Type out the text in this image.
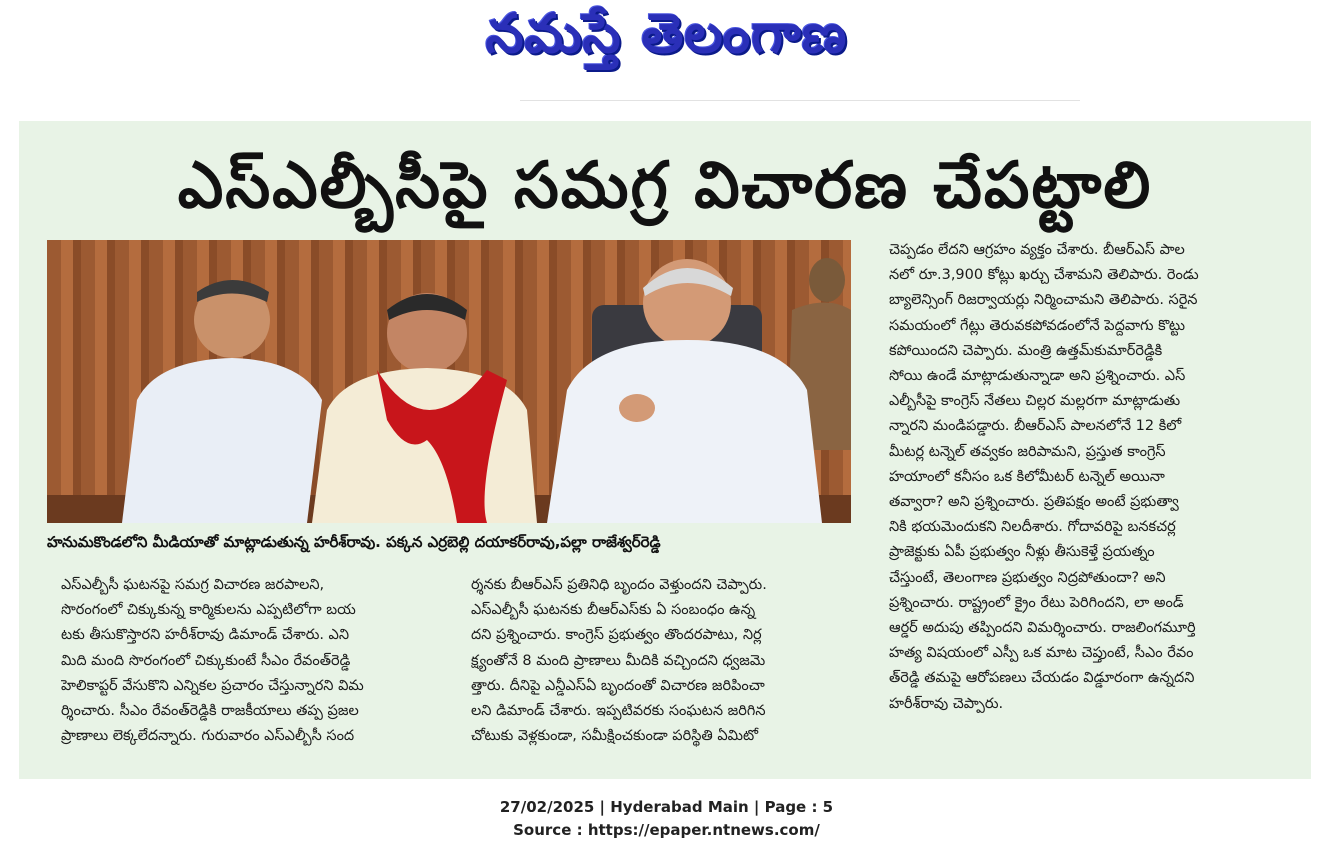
నమస్తే తెలంగాణ
ఎస్ఎల్బీసీపై సమగ్ర విచారణ చేపట్టాలి
హనుమకొండలోని మీడియాతో మాట్లాడుతున్న హరీశ్‌రావు. పక్కన ఎర్రబెల్లి దయాకర్‌రావు,పల్లా రాజేశ్వర్‌రెడ్డి

ఎస్ఎల్బీసీ ఘటనపై సమగ్ర విచారణ జరపాలని,

సొరంగంలో చిక్కుకున్న కార్మికులను ఎప్పటిలోగా బయ

టకు తీసుకొస్తారని హరీశ్‌రావు డిమాండ్ చేశారు. ఎని

మిది మంది సొరంగంలో చిక్కుకుంటే సీఎం రేవంత్‌రెడ్డి

హెలికాప్టర్ వేసుకొని ఎన్నికల ప్రచారం చేస్తున్నారని విమ

ర్శించారు. సీఎం రేవంత్‌రెడ్డికి రాజకీయాలు తప్ప ప్రజల

ప్రాణాలు లెక్కలేదన్నారు. గురువారం ఎస్ఎల్బీసీ సంద

ర్శనకు బీఆర్ఎస్ ప్రతినిధి బృందం వెళ్తుందని చెప్పారు.

ఎస్ఎల్బీసీ ఘటనకు బీఆర్ఎస్‌కు ఏ సంబంధం ఉన్న

దని ప్రశ్నించారు. కాంగ్రెస్ ప్రభుత్వం తొందరపాటు, నిర్ల

క్ష్యంతోనే 8 మంది ప్రాణాలు మీదికి వచ్చిందని ధ్వజమె

త్తారు. దీనిపై ఎన్డీఎస్ఏ బృందంతో విచారణ జరిపించా

లని డిమాండ్ చేశారు. ఇప్పటివరకు సంఘటన జరిగిన

చోటుకు వెళ్లకుండా, సమీక్షించకుండా పరిస్థితి ఏమిటో

చెప్పడం లేదని ఆగ్రహం వ్యక్తం చేశారు. బీఆర్ఎస్ పాల

నలో రూ.3,900 కోట్లు ఖర్చు చేశామని తెలిపారు. రెండు

బ్యాలెన్సింగ్ రిజర్వాయర్లు నిర్మించామని తెలిపారు. సరైన

సమయంలో గేట్లు తెరువకపోవడంలోనే పెద్దవాగు కొట్టు

కపోయిందని చెప్పారు. మంత్రి ఉత్తమ్‌కుమార్‌రెడ్డికి

సోయి ఉండే మాట్లాడుతున్నాడా అని ప్రశ్నించారు. ఎస్

ఎల్బీసీపై కాంగ్రెస్ నేతలు చిల్లర మల్లరగా మాట్లాడుతు

న్నారని మండిపడ్డారు. బీఆర్ఎస్ పాలనలోనే 12 కిలో

మీటర్ల టన్నెల్ తవ్వకం జరిపామని, ప్రస్తుత కాంగ్రెస్

హయాంలో కనీసం ఒక కిలోమీటర్ టన్నెల్ అయినా

తవ్వారా? అని ప్రశ్నించారు. ప్రతిపక్షం అంటే ప్రభుత్వా

నికి భయమెందుకని నిలదీశారు. గోదావరిపై బనకచర్ల

ప్రాజెక్టుకు ఏపీ ప్రభుత్వం నీళ్లు తీసుకెళ్తే ప్రయత్నం

చేస్తుంటే, తెలంగాణ ప్రభుత్వం నిద్రపోతుందా? అని

ప్రశ్నించారు. రాష్ట్రంలో క్రైం రేటు పెరిగిందని, లా అండ్

ఆర్డర్ అదుపు తప్పిందని విమర్శించారు. రాజలింగమూర్తి

హత్య విషయంలో ఎస్పీ ఒక మాట చెప్తుంటే, సీఎం రేవం

త్‌రెడ్డి తమపై ఆరోపణలు చేయడం విడ్డూరంగా ఉన్నదని

హరీశ్‌రావు చెప్పారు.

27/02/2025 | Hyderabad Main | Page : 5
Source : https://epaper.ntnews.com/
